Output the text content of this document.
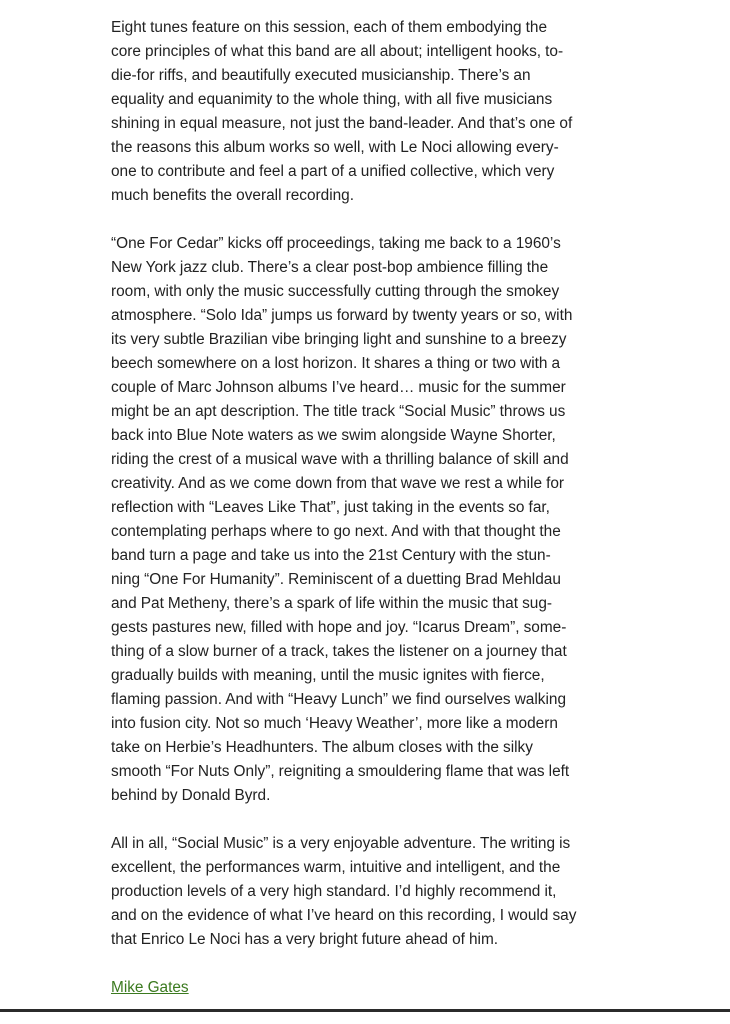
Eight tunes feature on this session, each of them embodying the
core principles of what this band are all about; intelligent hooks, to-
die-for riffs, and beautifully executed musicianship. There’s an
equality and equanimity to the whole thing, with all five musicians
shining in equal measure, not just the band-leader. And that’s one of
the reasons this album works so well, with Le Noci allowing every-
one to contribute and feel a part of a unified collective, which very
much benefits the overall recording.

“One For Cedar” kicks off proceedings, taking me back to a 1960’s
New York jazz club. There’s a clear post-bop ambience filling the
room, with only the music successfully cutting through the smokey
atmosphere. “Solo Ida” jumps us forward by twenty years or so, with
its very subtle Brazilian vibe bringing light and sunshine to a breezy
beech somewhere on a lost horizon. It shares a thing or two with a
couple of Marc Johnson albums I’ve heard… music for the summer
might be an apt description. The title track “Social Music” throws us
back into Blue Note waters as we swim alongside Wayne Shorter,
riding the crest of a musical wave with a thrilling balance of skill and
creativity. And as we come down from that wave we rest a while for
reflection with “Leaves Like That”, just taking in the events so far,
contemplating perhaps where to go next. And with that thought the
band turn a page and take us into the 21st Century with the stun-
ning “One For Humanity”. Reminiscent of a duetting Brad Mehldau
and Pat Metheny, there’s a spark of life within the music that sug-
gests pastures new, filled with hope and joy. “Icarus Dream”, some-
thing of a slow burner of a track, takes the listener on a journey that
gradually builds with meaning, until the music ignites with fierce,
flaming passion. And with “Heavy Lunch” we find ourselves walking
into fusion city. Not so much ‘Heavy Weather’, more like a modern
take on Herbie’s Headhunters. The album closes with the silky
smooth “For Nuts Only”, reigniting a smouldering flame that was left
behind by Donald Byrd.

All in all, “Social Music” is a very enjoyable adventure. The writing is
excellent, the performances warm, intuitive and intelligent, and the
production levels of a very high standard. I’d highly recommend it,
and on the evidence of what I’ve heard on this recording, I would say
that Enrico Le Noci has a very bright future ahead of him.

Mike Gates
